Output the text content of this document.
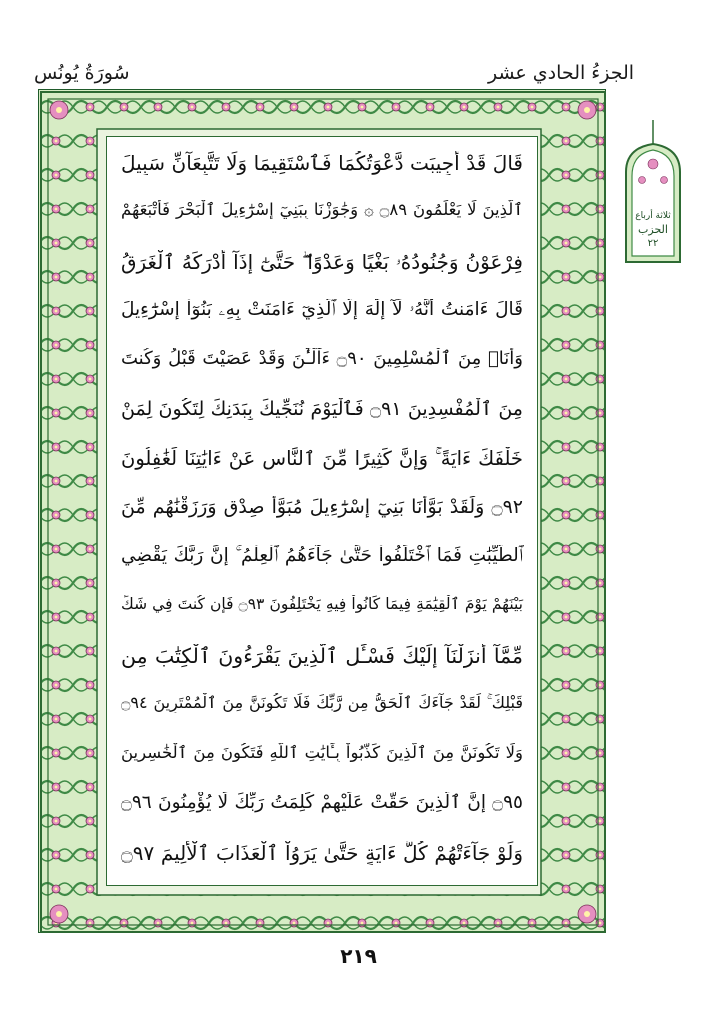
الجزءُ الحادي عشر
سُورَةُ يُونُس
قَالَ قَدْ أُجِيبَت دَّعْوَتُكُمَا فَٱسْتَقِيمَا وَلَا تَتَّبِعَآنِّ سَبِيلَ
ٱلَّذِينَ لَا يَعْلَمُونَ ۝٨٩ ۞ وَجَٰوَزْنَا بِبَنِيٓ إِسْرَٰٓءِيلَ ٱلْبَحْرَ فَأَتْبَعَهُمْ
فِرْعَوْنُ وَجُنُودُهُۥ بَغْيًا وَعَدْوًا ۖ حَتَّىٰٓ إِذَآ أَدْرَكَهُ ٱلْغَرَقُ
قَالَ ءَامَنتُ أَنَّهُۥ لَآ إِلَٰهَ إِلَّا ٱلَّذِيٓ ءَامَنَتْ بِهِۦ بَنُوٓاْ إِسْرَٰٓءِيلَ
وَأَنَا۠ مِنَ ٱلْمُسْلِمِينَ ۝٩٠ ءَآلْـَٰٔنَ وَقَدْ عَصَيْتَ قَبْلُ وَكُنتَ
مِنَ ٱلْمُفْسِدِينَ ۝٩١ فَٱلْيَوْمَ نُنَجِّيكَ بِبَدَنِكَ لِتَكُونَ لِمَنْ
خَلْفَكَ ءَايَةً ۚ وَإِنَّ كَثِيرًا مِّنَ ٱلنَّاسِ عَنْ ءَايَٰتِنَا لَغَٰفِلُونَ
۝٩٢ وَلَقَدْ بَوَّأْنَا بَنِيٓ إِسْرَٰٓءِيلَ مُبَوَّأَ صِدْقٍ وَرَزَقْنَٰهُم مِّنَ
ٱلطَّيِّبَٰتِ فَمَا ٱخْتَلَفُواْ حَتَّىٰ جَآءَهُمُ ٱلْعِلْمُ ۚ إِنَّ رَبَّكَ يَقْضِي
بَيْنَهُمْ يَوْمَ ٱلْقِيَٰمَةِ فِيمَا كَانُواْ فِيهِ يَخْتَلِفُونَ ۝٩٣ فَإِن كُنتَ فِي شَكٍّ
مِّمَّآ أَنزَلْنَآ إِلَيْكَ فَسْـَٔلِ ٱلَّذِينَ يَقْرَءُونَ ٱلْكِتَٰبَ مِن
قَبْلِكَ ۚ لَقَدْ جَآءَكَ ٱلْحَقُّ مِن رَّبِّكَ فَلَا تَكُونَنَّ مِنَ ٱلْمُمْتَرِينَ ۝٩٤
وَلَا تَكُونَنَّ مِنَ ٱلَّذِينَ كَذَّبُواْ بِـَٔايَٰتِ ٱللَّهِ فَتَكُونَ مِنَ ٱلْخَٰسِرِينَ
۝٩٥ إِنَّ ٱلَّذِينَ حَقَّتْ عَلَيْهِمْ كَلِمَتُ رَبِّكَ لَا يُؤْمِنُونَ ۝٩٦
وَلَوْ جَآءَتْهُمْ كُلُّ ءَايَةٍ حَتَّىٰ يَرَوُاْ ٱلْعَذَابَ ٱلْأَلِيمَ ۝٩٧
ثلاثة أرباع
الحزب
٢٢
٢١٩
